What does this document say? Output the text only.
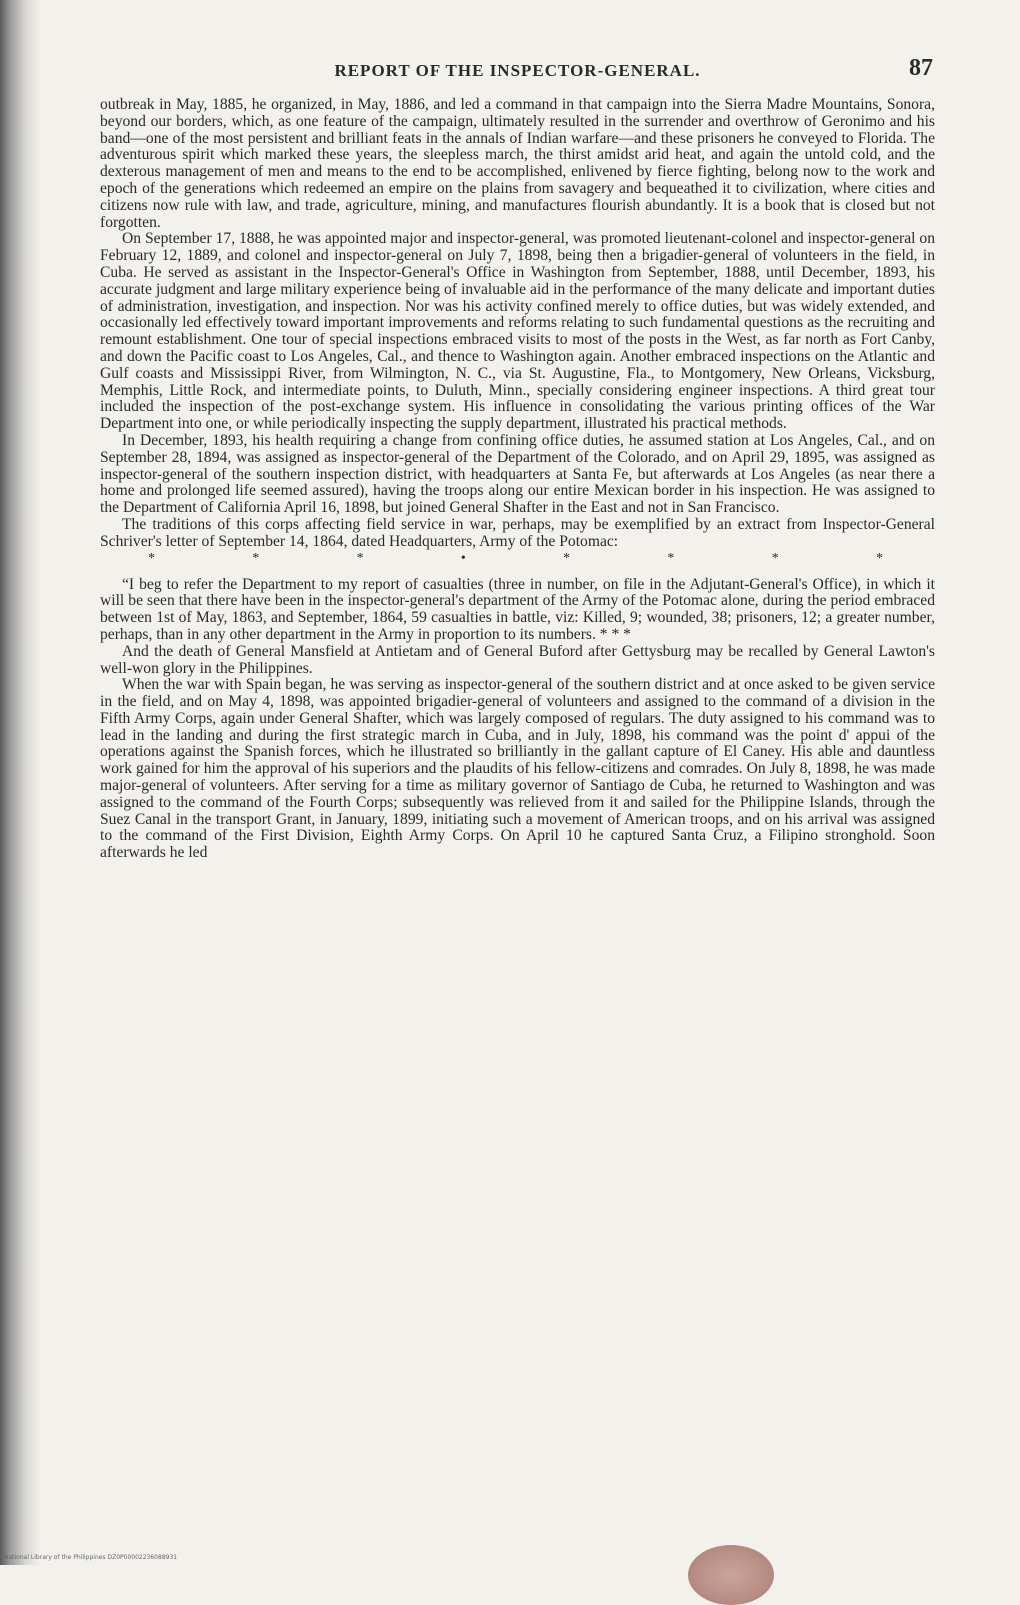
REPORT OF THE INSPECTOR-GENERAL.	87

outbreak in May, 1885, he organized, in May, 1886, and led a command in that campaign into the Sierra Madre Mountains, Sonora, beyond our borders, which, as one feature of the campaign, ultimately resulted in the surrender and overthrow of Geronimo and his band—one of the most persistent and brilliant feats in the annals of Indian warfare—and these prisoners he conveyed to Florida. The adventurous spirit which marked these years, the sleepless march, the thirst amidst arid heat, and again the untold cold, and the dexterous management of men and means to the end to be accomplished, enlivened by fierce fighting, belong now to the work and epoch of the generations which redeemed an empire on the plains from savagery and bequeathed it to civilization, where cities and citizens now rule with law, and trade, agriculture, mining, and manufactures flourish abundantly. It is a book that is closed but not forgotten.

On September 17, 1888, he was appointed major and inspector-general, was promoted lieutenant-colonel and inspector-general on February 12, 1889, and colonel and inspector-general on July 7, 1898, being then a brigadier-general of volunteers in the field, in Cuba. He served as assistant in the Inspector-General's Office in Washington from September, 1888, until December, 1893, his accurate judgment and large military experience being of invaluable aid in the performance of the many delicate and important duties of administration, investigation, and inspection. Nor was his activity confined merely to office duties, but was widely extended, and occasionally led effectively toward important improvements and reforms relating to such fundamental questions as the recruiting and remount establishment. One tour of special inspections embraced visits to most of the posts in the West, as far north as Fort Canby, and down the Pacific coast to Los Angeles, Cal., and thence to Washington again. Another embraced inspections on the Atlantic and Gulf coasts and Mississippi River, from Wilmington, N. C., via St. Augustine, Fla., to Montgomery, New Orleans, Vicksburg, Memphis, Little Rock, and intermediate points, to Duluth, Minn., specially considering engineer inspections. A third great tour included the inspection of the post-exchange system. His influence in consolidating the various printing offices of the War Department into one, or while periodically inspecting the supply department, illustrated his practical methods.

In December, 1893, his health requiring a change from confining office duties, he assumed station at Los Angeles, Cal., and on September 28, 1894, was assigned as inspector-general of the Department of the Colorado, and on April 29, 1895, was assigned as inspector-general of the southern inspection district, with headquarters at Santa Fe, but afterwards at Los Angeles (as near there a home and prolonged life seemed assured), having the troops along our entire Mexican border in his inspection. He was assigned to the Department of California April 16, 1898, but joined General Shafter in the East and not in San Francisco.

The traditions of this corps affecting field service in war, perhaps, may be exemplified by an extract from Inspector-General Schriver's letter of September 14, 1864, dated Headquarters, Army of the Potomac:

*	*	*	•	*	*	*	*

“I beg to refer the Department to my report of casualties (three in number, on file in the Adjutant-General's Office), in which it will be seen that there have been in the inspector-general's department of the Army of the Potomac alone, during the period embraced between 1st of May, 1863, and September, 1864, 59 casualties in battle, viz: Killed, 9; wounded, 38; prisoners, 12; a greater number, perhaps, than in any other department in the Army in proportion to its numbers. * * *

And the death of General Mansfield at Antietam and of General Buford after Gettysburg may be recalled by General Lawton's well-won glory in the Philippines.

When the war with Spain began, he was serving as inspector-general of the southern district and at once asked to be given service in the field, and on May 4, 1898, was appointed brigadier-general of volunteers and assigned to the command of a division in the Fifth Army Corps, again under General Shafter, which was largely composed of regulars. The duty assigned to his command was to lead in the landing and during the first strategic march in Cuba, and in July, 1898, his command was the point d' appui of the operations against the Spanish forces, which he illustrated so brilliantly in the gallant capture of El Caney. His able and dauntless work gained for him the approval of his superiors and the plaudits of his fellow-citizens and comrades. On July 8, 1898, he was made major-general of volunteers. After serving for a time as military governor of Santiago de Cuba, he returned to Washington and was assigned to the command of the Fourth Corps; subsequently was relieved from it and sailed for the Philippine Islands, through the Suez Canal in the transport Grant, in January, 1899, initiating such a movement of American troops, and on his arrival was assigned to the command of the First Division, Eighth Army Corps. On April 10 he captured Santa Cruz, a Filipino stronghold. Soon afterwards he led

National Library of the Philippines DZ0P00002236088931
